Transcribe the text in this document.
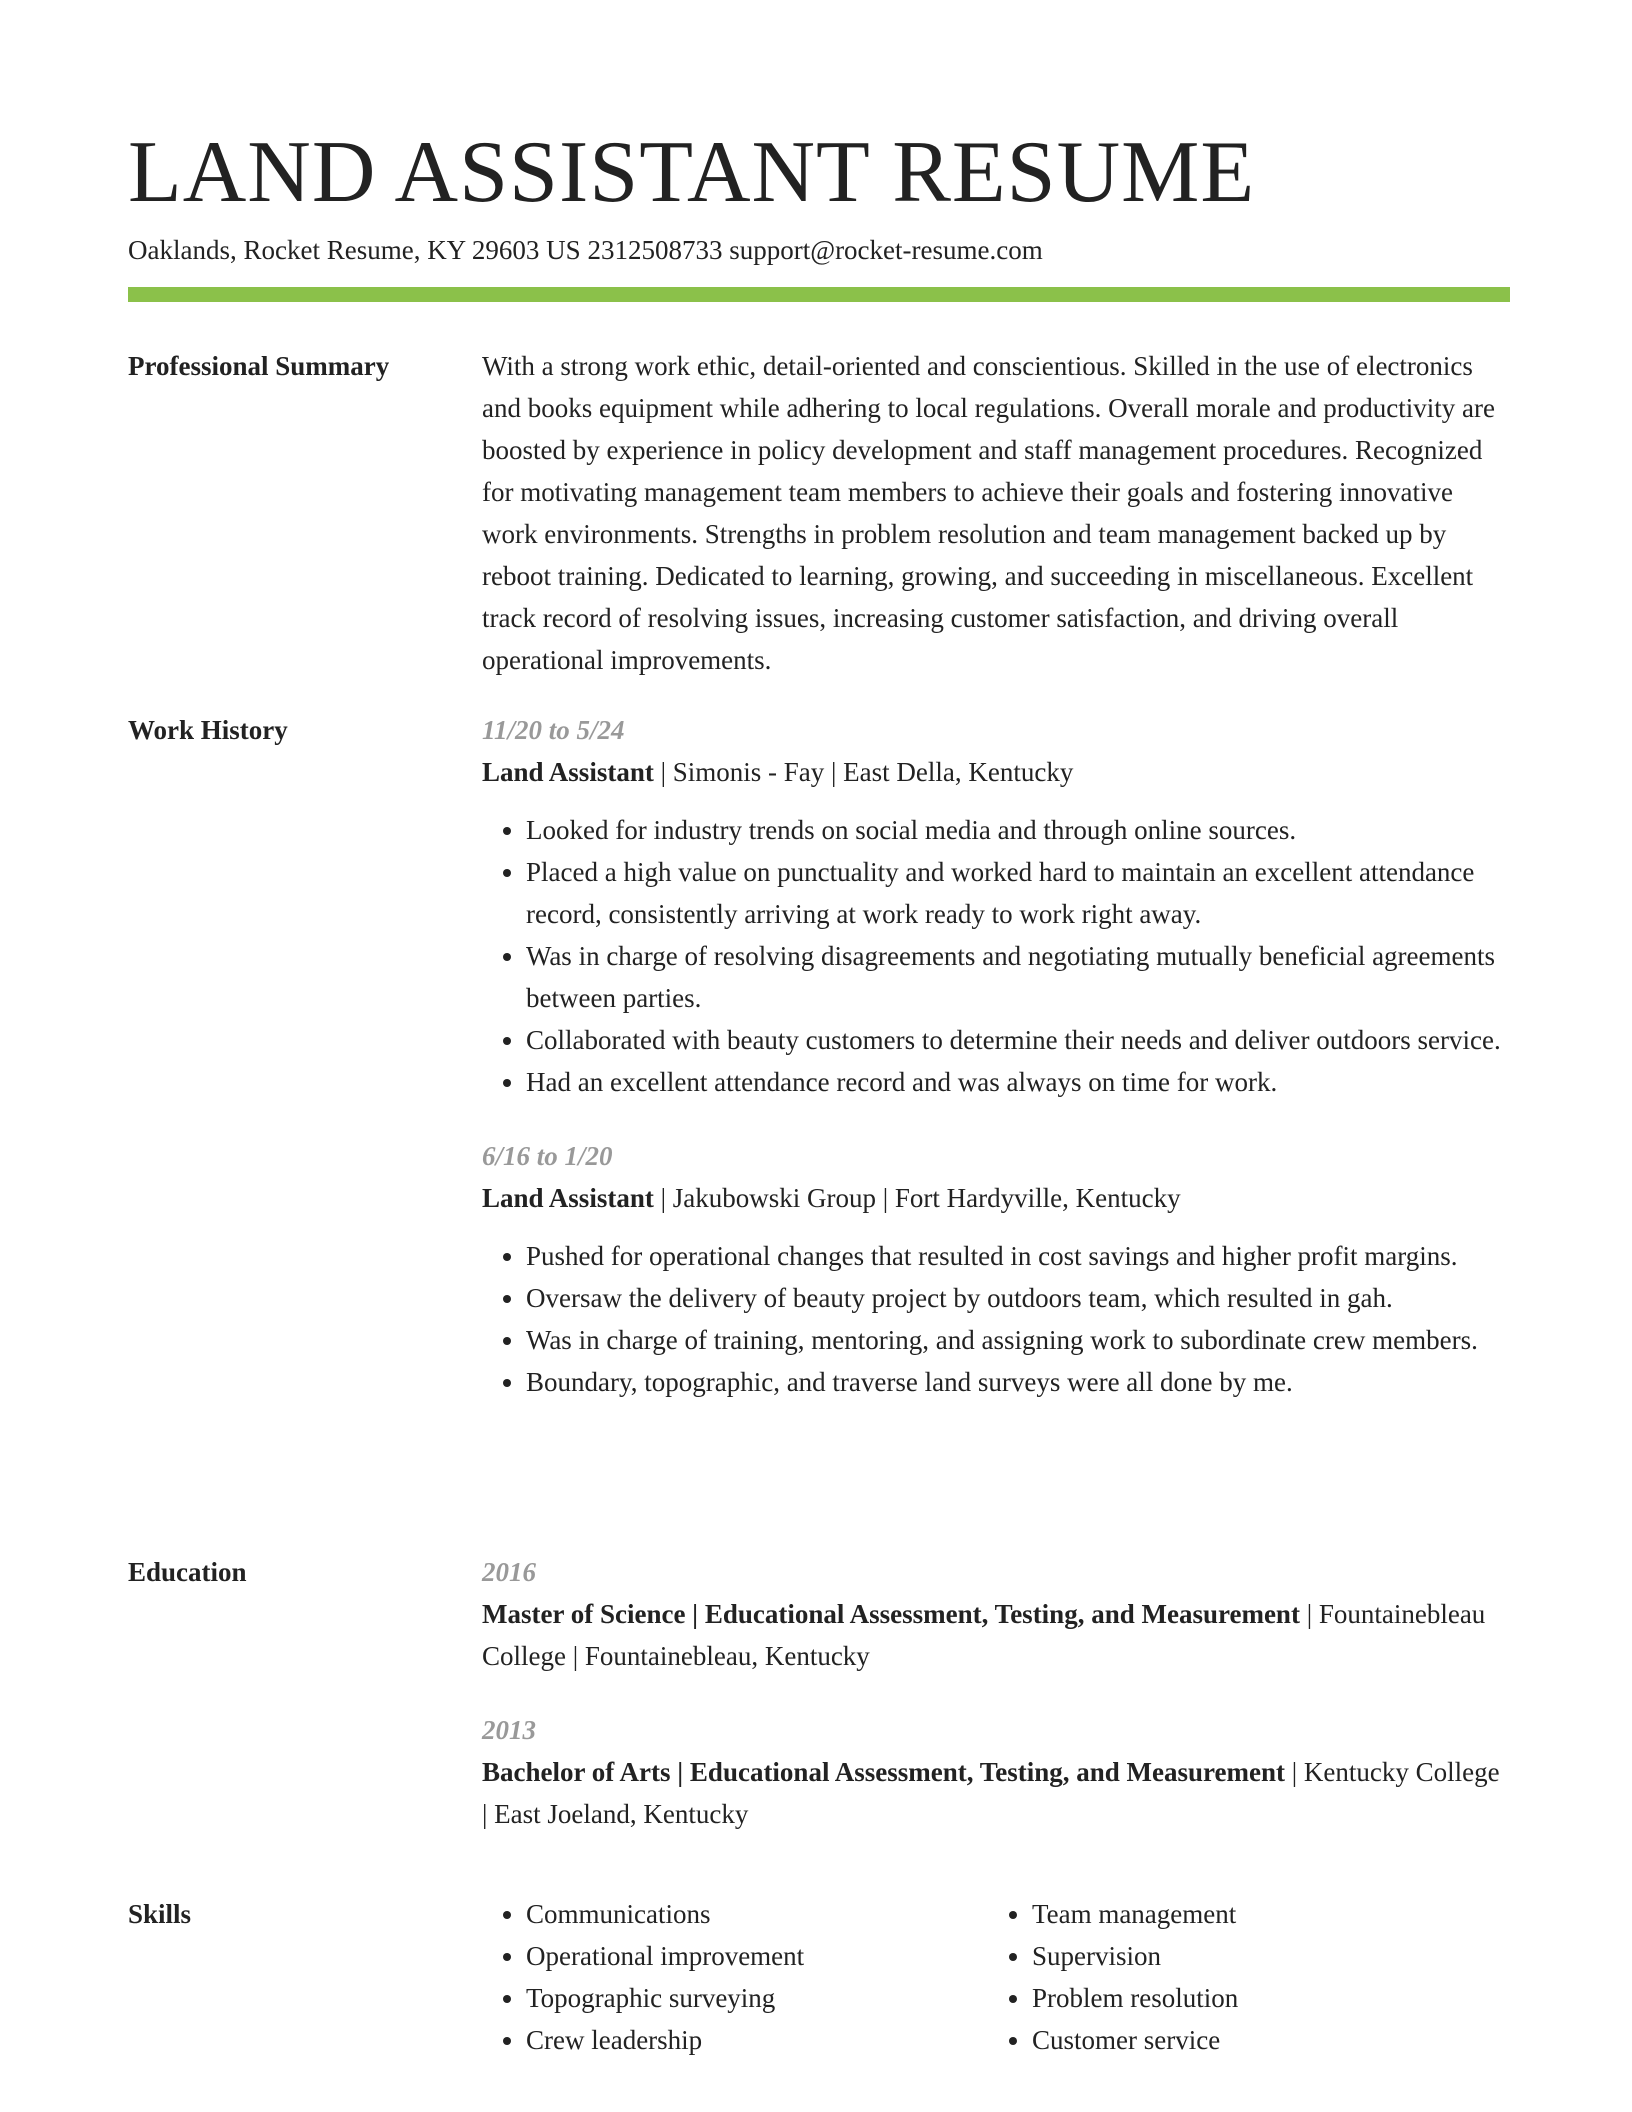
LAND ASSISTANT RESUME
Oaklands, Rocket Resume, KY 29603 US 2312508733 support@rocket-resume.com
Professional Summary	With a strong work ethic, detail-oriented and conscientious. Skilled in the use of electronics and books equipment while adhering to local regulations. Overall morale and productivity are boosted by experience in policy development and staff management procedures. Recognized for motivating management team members to achieve their goals and fostering innovative work environments. Strengths in problem resolution and team management backed up by reboot training. Dedicated to learning, growing, and succeeding in miscellaneous. Excellent track record of resolving issues, increasing customer satisfaction, and driving overall operational improvements.

Work History	11/20 to 5/24
Land Assistant | Simonis - Fay | East Della, Kentucky
• Looked for industry trends on social media and through online sources.
• Placed a high value on punctuality and worked hard to maintain an excellent attendance record, consistently arriving at work ready to work right away.
• Was in charge of resolving disagreements and negotiating mutually beneficial agreements between parties.
• Collaborated with beauty customers to determine their needs and deliver outdoors service.
• Had an excellent attendance record and was always on time for work.
6/16 to 1/20
Land Assistant | Jakubowski Group | Fort Hardyville, Kentucky
• Pushed for operational changes that resulted in cost savings and higher profit margins.
• Oversaw the delivery of beauty project by outdoors team, which resulted in gah.
• Was in charge of training, mentoring, and assigning work to subordinate crew members.
• Boundary, topographic, and traverse land surveys were all done by me.
Education	2016
Master of Science | Educational Assessment, Testing, and Measurement | Fountainebleau College | Fountainebleau, Kentucky
2013
Bachelor of Arts | Educational Assessment, Testing, and Measurement | Kentucky College | East Joeland, Kentucky
Skills
•	Communications
• Operational improvement
• Topographic surveying
• Crew leadership
• Team management
• Supervision
• Problem resolution
• Customer service
